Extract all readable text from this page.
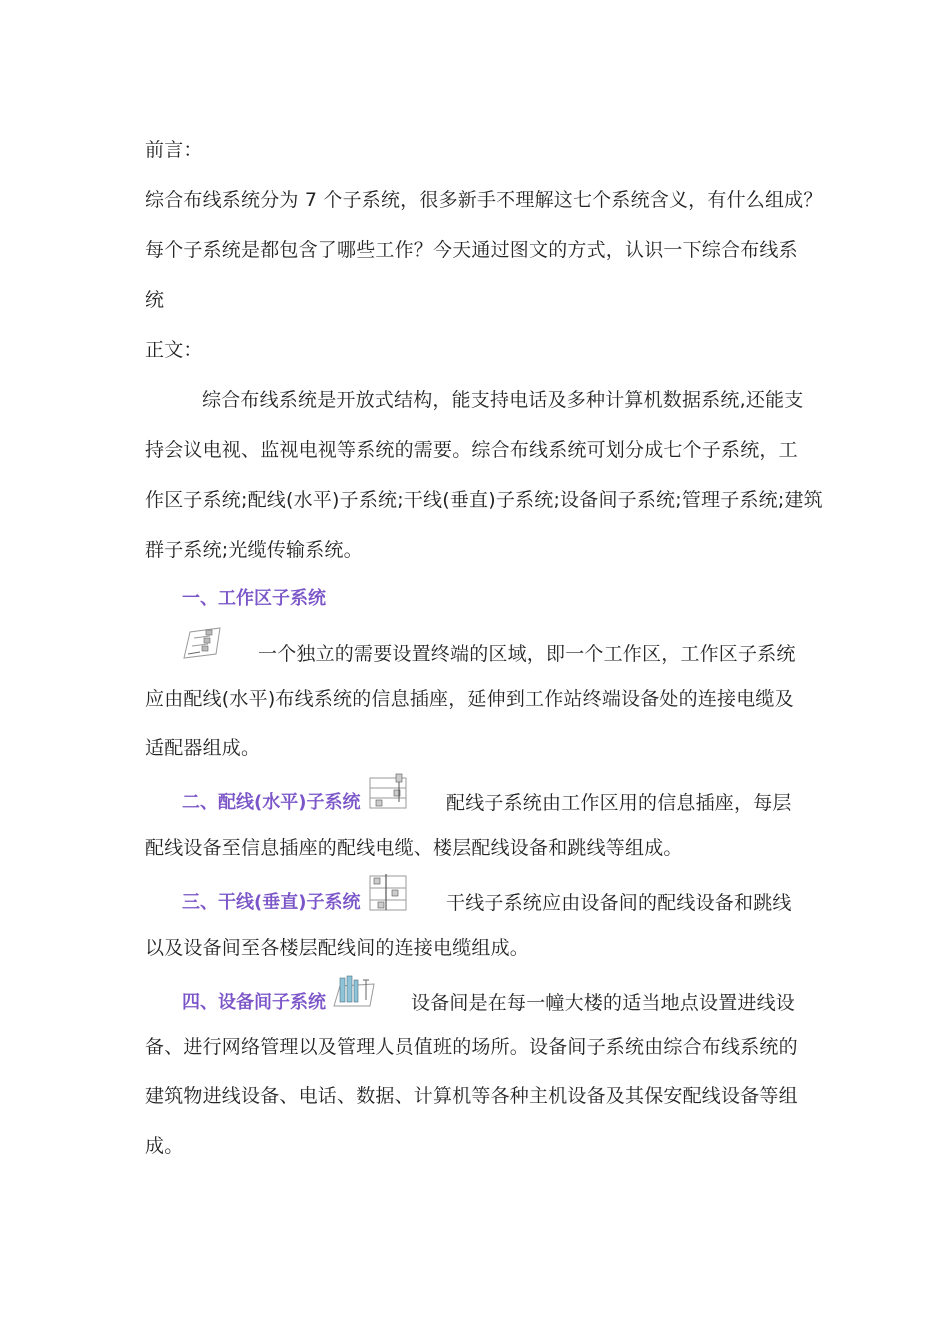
前言：
综合布线系统分为 7 个子系统，很多新手不理解这七个系统含义，有什么组成？
每个子系统是都包含了哪些工作？今天通过图文的方式，认识一下综合布线系
统
正文：
综合布线系统是开放式结构，能支持电话及多种计算机数据系统,还能支
持会议电视、监视电视等系统的需要。综合布线系统可划分成七个子系统，工
作区子系统;配线(水平)子系统;干线(垂直)子系统;设备间子系统;管理子系统;建筑
群子系统;光缆传输系统。
一、工作区子系统
一个独立的需要设置终端的区域，即一个工作区，工作区子系统
应由配线(水平)布线系统的信息插座，延伸到工作站终端设备处的连接电缆及
适配器组成。
二、配线(水平)子系统	配线子系统由工作区用的信息插座，每层
配线设备至信息插座的配线电缆、楼层配线设备和跳线等组成。
三、干线(垂直)子系统	干线子系统应由设备间的配线设备和跳线
以及设备间至各楼层配线间的连接电缆组成。
四、设备间子系统	设备间是在每一幢大楼的适当地点设置进线设
备、进行网络管理以及管理人员值班的场所。设备间子系统由综合布线系统的
建筑物进线设备、电话、数据、计算机等各种主机设备及其保安配线设备等组
成。
